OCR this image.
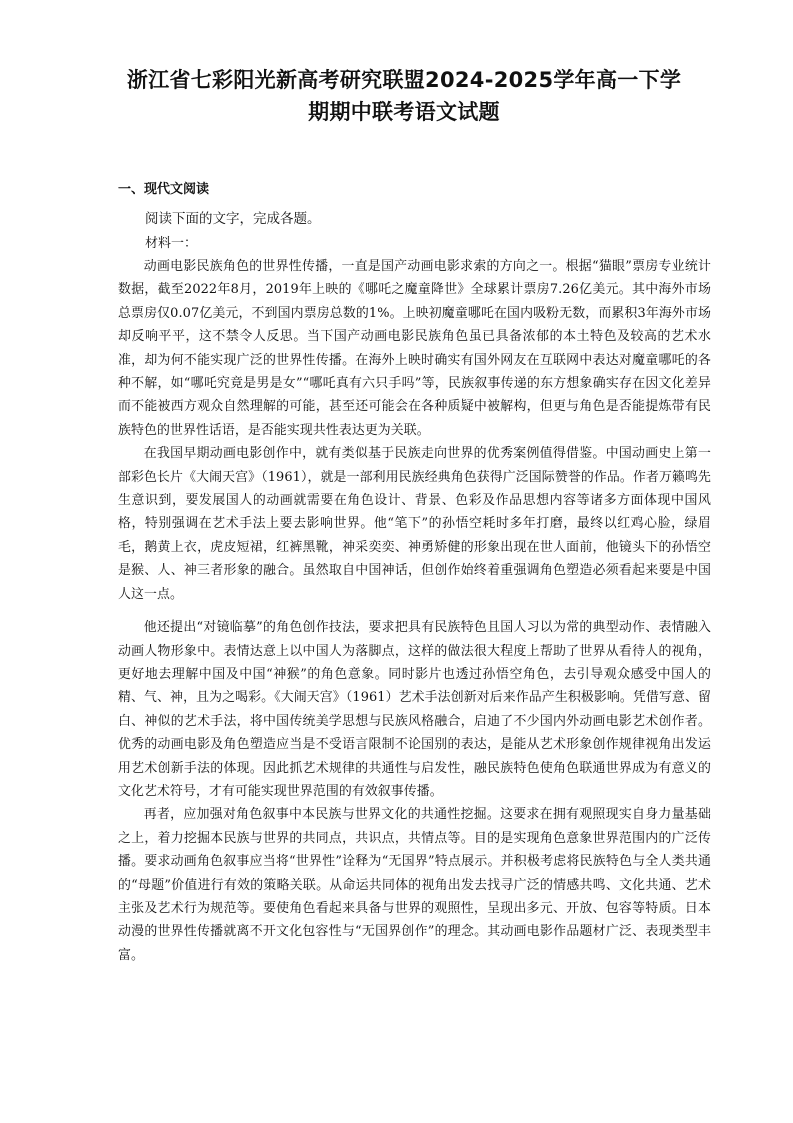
浙江省七彩阳光新高考研究联盟2024-2025学年高一下学
期期中联考语文试题
一、现代文阅读
阅读下面的文字，完成各题。
材料一：

动画电影民族角色的世界性传播，一直是国产动画电影求索的方向之一。根据“猫眼”票房专业统计数据，截至2022年8月，2019年上映的《哪吒之魔童降世》全球累计票房7.26亿美元。其中海外市场总票房仅0.07亿美元，不到国内票房总数的1%。上映初魔童哪吒在国内吸粉无数，而累积3年海外市场却反响平平，这不禁令人反思。当下国产动画电影民族角色虽已具备浓郁的本土特色及较高的艺术水准，却为何不能实现广泛的世界性传播。在海外上映时确实有国外网友在互联网中表达对魔童哪吒的各种不解，如“哪吒究竟是男是女”“哪吒真有六只手吗”等，民族叙事传递的东方想象确实存在因文化差异而不能被西方观众自然理解的可能，甚至还可能会在各种质疑中被解构，但更与角色是否能提炼带有民族特色的世界性话语，是否能实现共性表达更为关联。

在我国早期动画电影创作中，就有类似基于民族走向世界的优秀案例值得借鉴。中国动画史上第一部彩色长片《大闹天宫》（1961），就是一部利用民族经典角色获得广泛国际赞誉的作品。作者万籁鸣先生意识到，要发展国人的动画就需要在角色设计、背景、色彩及作品思想内容等诸多方面体现中国风格，特别强调在艺术手法上要去影响世界。他“笔下”的孙悟空耗时多年打磨，最终以红鸡心脸，绿眉毛，鹅黄上衣，虎皮短裙，红裤黑靴，神采奕奕、神勇矫健的形象出现在世人面前，他镜头下的孙悟空是猴、人、神三者形象的融合。虽然取自中国神话，但创作始终着重强调角色塑造必须看起来要是中国人这一点。

他还提出“对镜临摹”的角色创作技法，要求把具有民族特色且国人习以为常的典型动作、表情融入动画人物形象中。表情达意上以中国人为落脚点，这样的做法很大程度上帮助了世界从看待人的视角，更好地去理解中国及中国“神猴”的角色意象。同时影片也透过孙悟空角色，去引导观众感受中国人的精、气、神，且为之喝彩。《大闹天宫》（1961）艺术手法创新对后来作品产生积极影响。凭借写意、留白、神似的艺术手法，将中国传统美学思想与民族风格融合，启迪了不少国内外动画电影艺术创作者。优秀的动画电影及角色塑造应当是不受语言限制不论国别的表达，是能从艺术形象创作规律视角出发运用艺术创新手法的体现。因此抓艺术规律的共通性与启发性，融民族特色使角色联通世界成为有意义的文化艺术符号，才有可能实现世界范围的有效叙事传播。

再者，应加强对角色叙事中本民族与世界文化的共通性挖掘。这要求在拥有观照现实自身力量基础之上，着力挖掘本民族与世界的共同点，共识点，共情点等。目的是实现角色意象世界范围内的广泛传播。要求动画角色叙事应当将“世界性”诠释为“无国界”特点展示。并积极考虑将民族特色与全人类共通的“母题”价值进行有效的策略关联。从命运共同体的视角出发去找寻广泛的情感共鸣、文化共通、艺术主张及艺术行为规范等。要使角色看起来具备与世界的观照性，呈现出多元、开放、包容等特质。日本动漫的世界性传播就离不开文化包容性与“无国界创作”的理念。其动画电影作品题材广泛、表现类型丰富。
